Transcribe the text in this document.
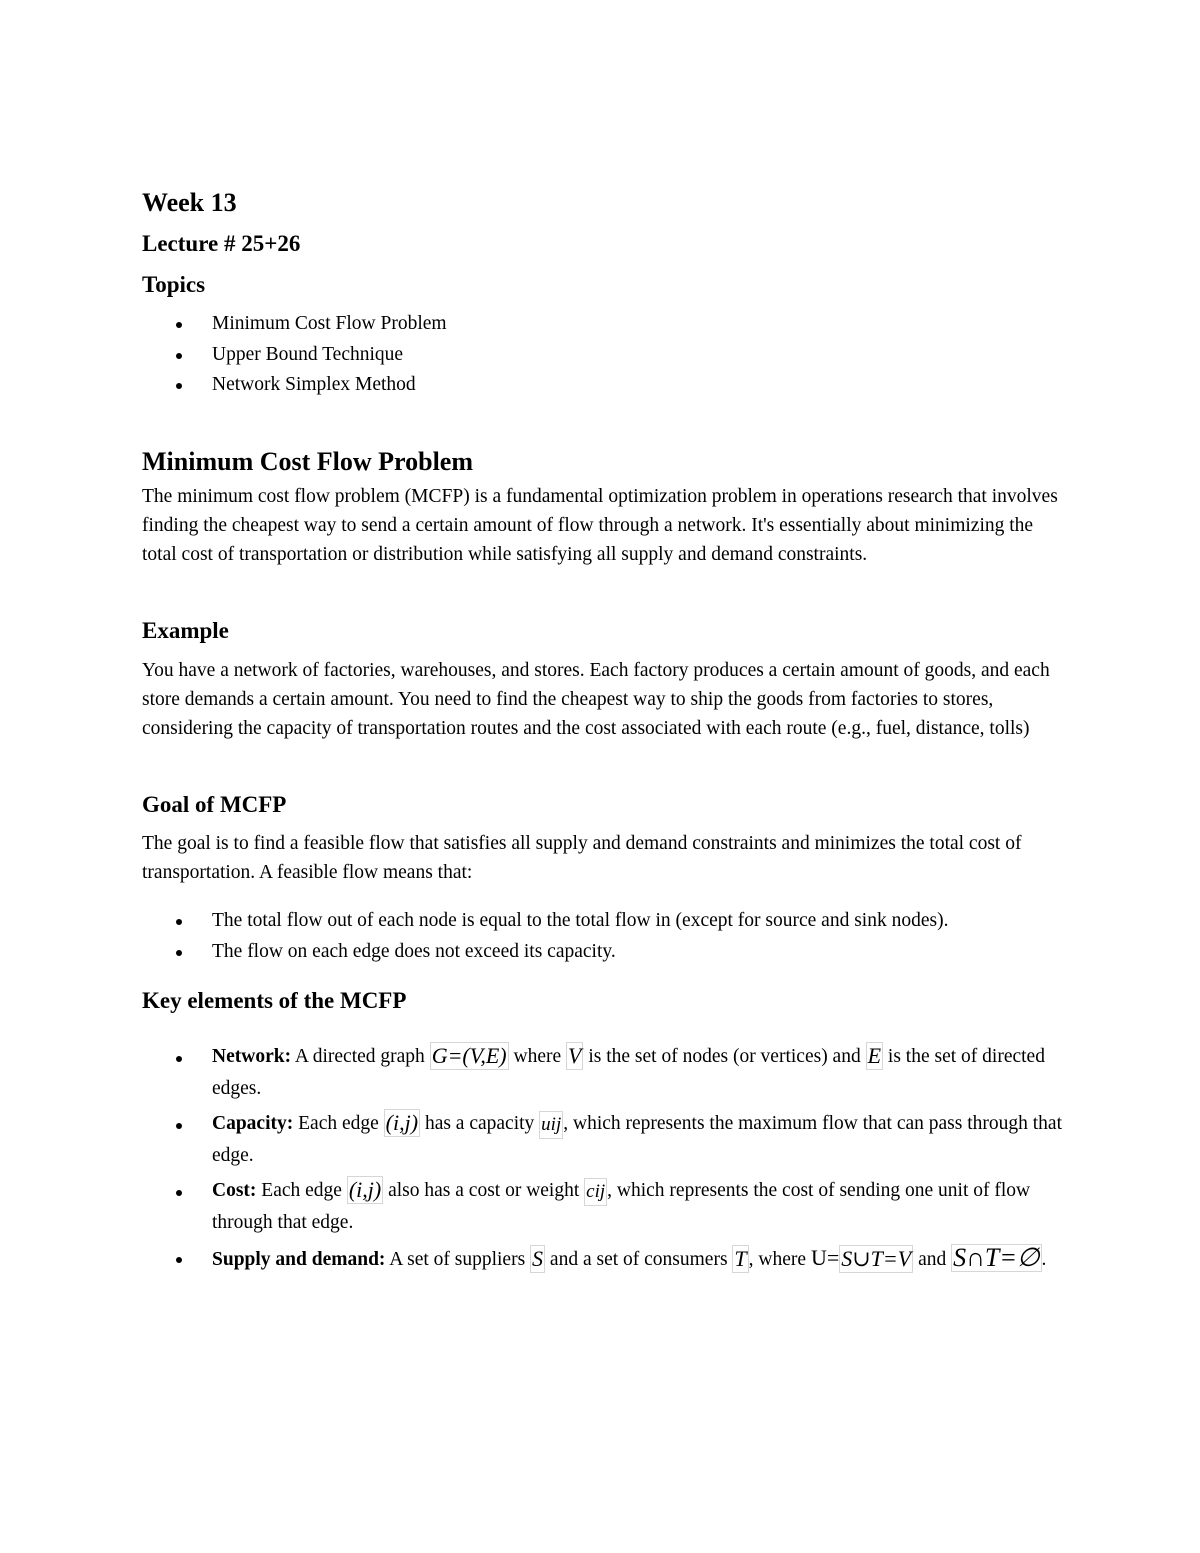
Week 13
Lecture # 25+26
Topics
Minimum Cost Flow Problem
Upper Bound Technique
Network Simplex Method
Minimum Cost Flow Problem

The minimum cost flow problem (MCFP) is a fundamental optimization problem in operations research that involves finding the cheapest way to send a certain amount of flow through a network. It's essentially about minimizing the total cost of transportation or distribution while satisfying all supply and demand constraints.

Example

You have a network of factories, warehouses, and stores. Each factory produces a certain amount of goods, and each store demands a certain amount. You need to find the cheapest way to ship the goods from factories to stores, considering the capacity of transportation routes and the cost associated with each route (e.g., fuel, distance, tolls)

Goal of MCFP

The goal is to find a feasible flow that satisfies all supply and demand constraints and minimizes the total cost of transportation. A feasible flow means that:

The total flow out of each node is equal to the total flow in (except for source and sink nodes).
The flow on each edge does not exceed its capacity.
Key elements of the MCFP
Network: A directed graph G=(V,E) where V is the set of nodes (or vertices) and E is the set of directed edges.
Capacity: Each edge (i,j) has a capacity uij , which represents the maximum flow that can pass through that edge.
Cost: Each edge (i,j) also has a cost or weight cij , which represents the cost of sending one unit of flow through that edge.
Supply and demand: A set of suppliers S and a set of consumers T , where U=S∪T=V and S∩T=∅ .
